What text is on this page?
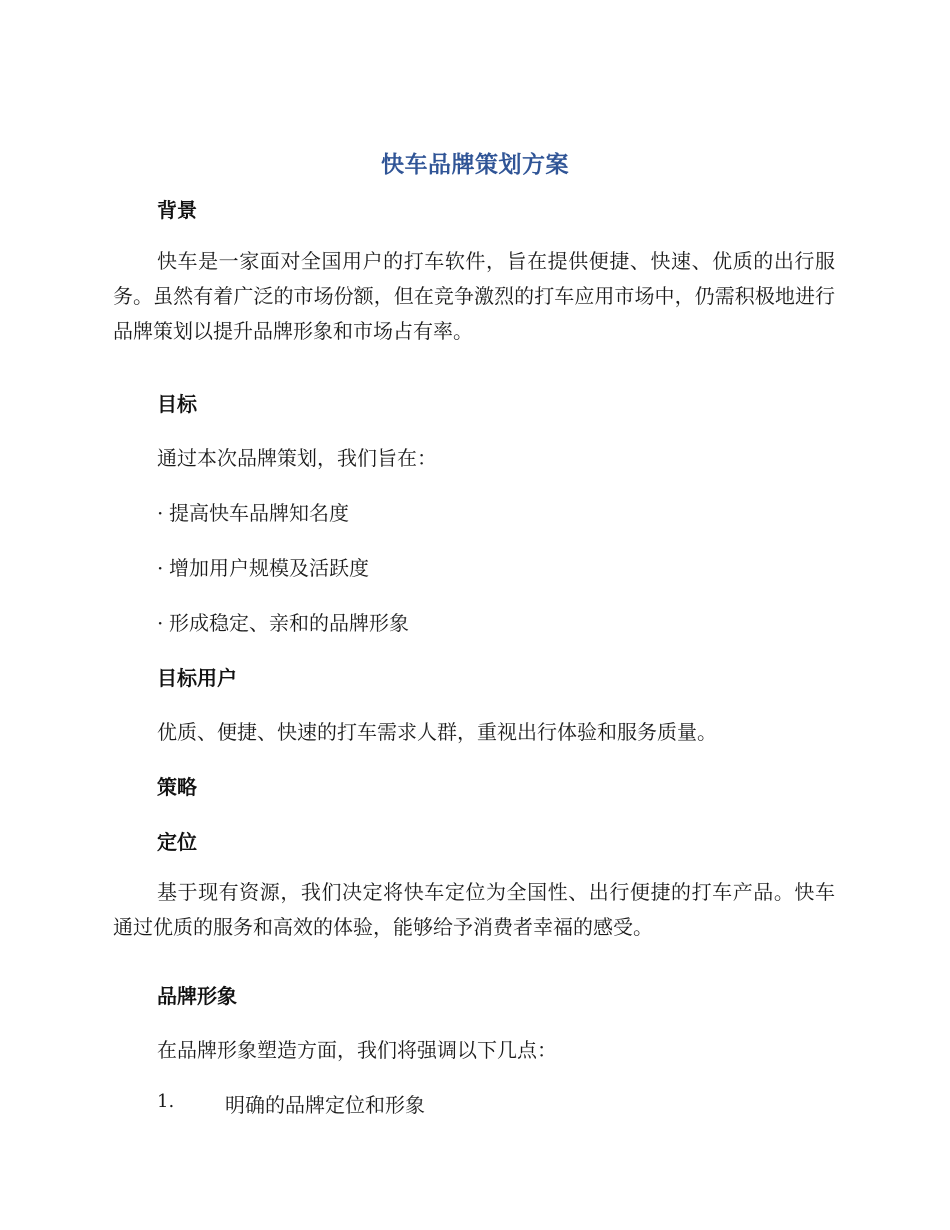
快车品牌策划方案
背景
快车是一家面对全国用户的打车软件，旨在提供便捷、快速、优质的出行服务。虽然有着广泛的市场份额，但在竞争激烈的打车应用市场中，仍需积极地进行品牌策划以提升品牌形象和市场占有率。
目标
通过本次品牌策划，我们旨在：
· 提高快车品牌知名度
· 增加用户规模及活跃度
· 形成稳定、亲和的品牌形象
目标用户
优质、便捷、快速的打车需求人群，重视出行体验和服务质量。
策略
定位
基于现有资源，我们决定将快车定位为全国性、出行便捷的打车产品。快车通过优质的服务和高效的体验，能够给予消费者幸福的感受。
品牌形象
在品牌形象塑造方面，我们将强调以下几点：
1.	明确的品牌定位和形象
